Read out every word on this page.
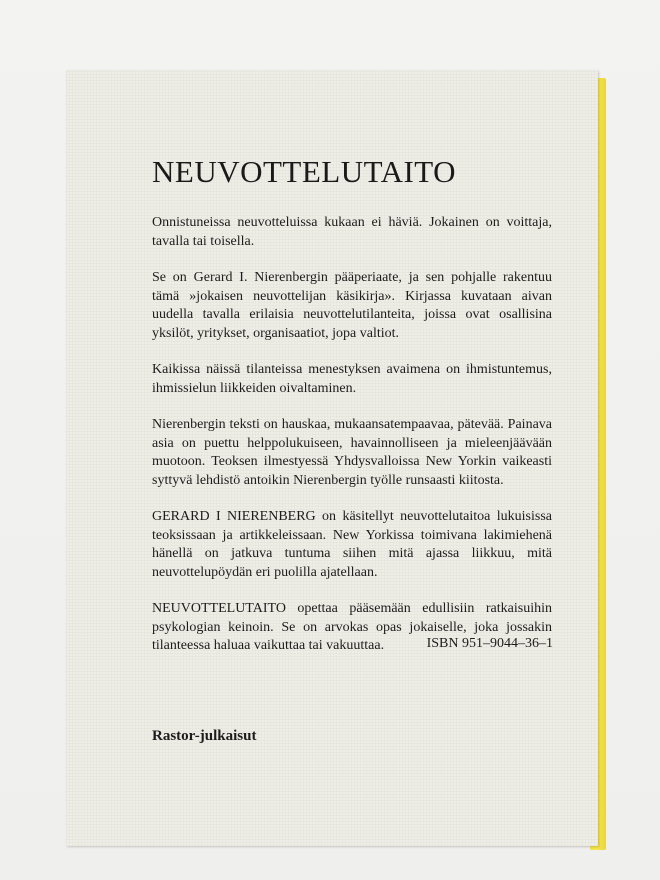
NEUVOTTELUTAITO

Onnistuneissa neuvotteluissa kukaan ei häviä. Jokainen on voittaja, tavalla tai toisella.

Se on Gerard I. Nierenbergin pääperiaate, ja sen pohjalle rakentuu tämä »jokaisen neuvottelijan käsikirja». Kirjassa kuvataan aivan uudella tavalla erilaisia neuvottelutilanteita, joissa ovat osallisina yksilöt, yritykset, organisaatiot, jopa valtiot.

Kaikissa näissä tilanteissa menestyksen avaimena on ihmistuntemus, ihmissielun liikkeiden oivaltaminen.

Nierenbergin teksti on hauskaa, mukaansatempaavaa, pätevää. Painava asia on puettu helppolukuiseen, havainnolliseen ja mieleenjäävään muotoon. Teoksen ilmestyessä Yhdysvalloissa New Yorkin vaikeasti syttyvä lehdistö antoikin Nierenbergin työlle runsaasti kiitosta.

GERARD I NIERENBERG on käsitellyt neuvottelutaitoa lukuisissa teoksissaan ja artikkeleissaan. New Yorkissa toimivana lakimiehenä hänellä on jatkuva tuntuma siihen mitä ajassa liikkuu, mitä neuvottelupöydän eri puolilla ajatellaan.

NEUVOTTELUTAITO opettaa pääsemään edullisiin ratkaisuihin psykologian keinoin. Se on arvokas opas jokaiselle, joka jossakin tilanteessa haluaa vaikuttaa tai vakuuttaa.	ISBN 951–9044–36–1
Rastor-julkaisut
